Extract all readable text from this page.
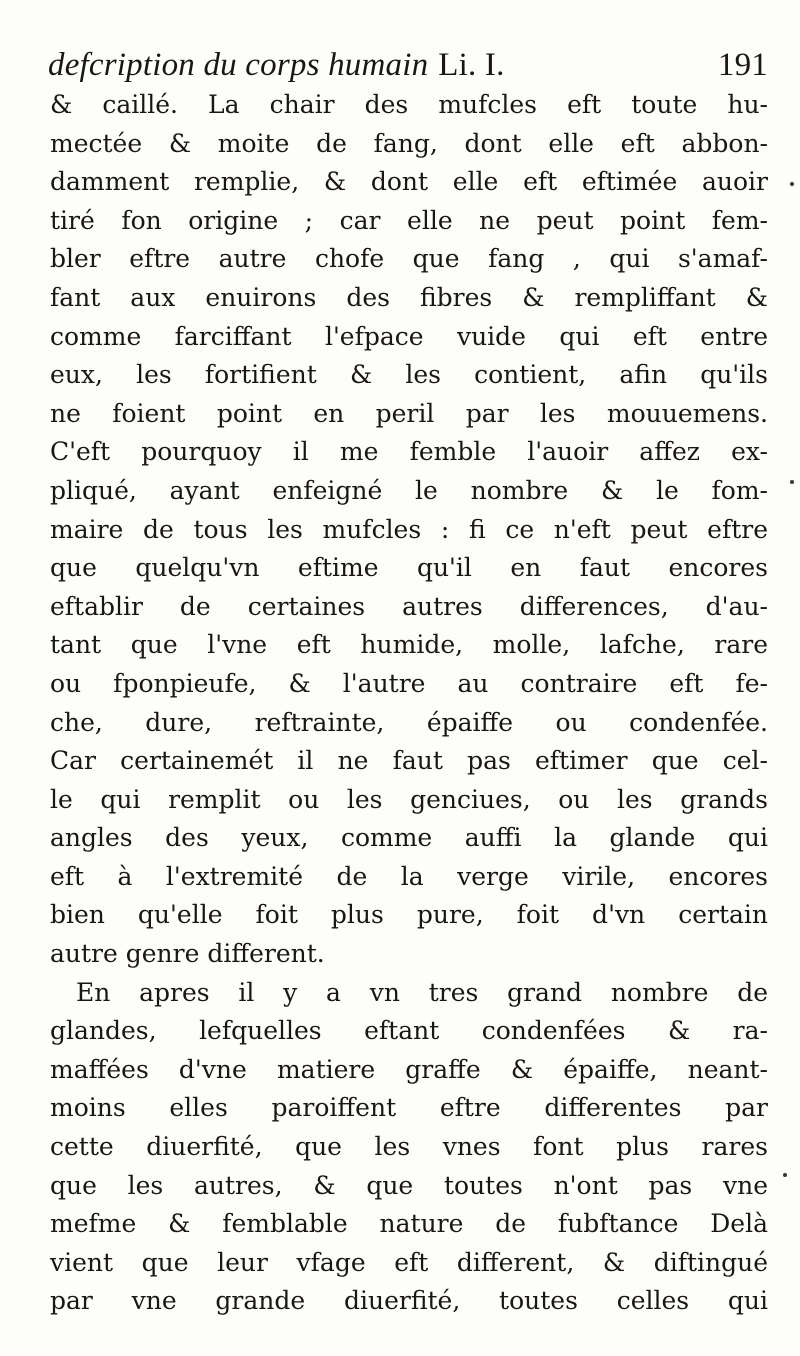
defcription du corps humain Li. I.	191
& caillé. La chair des mufcles eft toute hu-
mectée & moite de fang, dont elle eft abbon-
damment remplie, & dont elle eft eftimée auoir
tiré fon origine ; car elle ne peut point fem-
bler eftre autre chofe que fang , qui s'amaf-
fant aux enuirons des fibres & rempliffant &
comme farciffant l'efpace vuide qui eft entre
eux, les fortifient & les contient, afin qu'ils
ne foient point en peril par les mouuemens.
C'eft pourquoy il me femble l'auoir affez ex-
pliqué, ayant enfeigné le nombre & le fom-
maire de tous les mufcles : fi ce n'eft peut eftre
que quelqu'vn eftime qu'il en faut encores
eftablir de certaines autres differences, d'au-
tant que l'vne eft humide, molle, lafche, rare
ou fponpieufe, & l'autre au contraire eft fe-
che, dure, reftrainte, épaiffe ou condenfée.
Car certainemét il ne faut pas eftimer que cel-
le qui remplit ou les genciues, ou les grands
angles des yeux, comme auffi la glande qui
eft à l'extremité de la verge virile, encores
bien qu'elle foit plus pure, foit d'vn certain
autre genre different.
En apres il y a vn tres grand nombre de
glandes, lefquelles eftant condenfées & ra-
maffées d'vne matiere graffe & épaiffe, neant-
moins elles paroiffent eftre differentes par
cette diuerfité, que les vnes font plus rares
que les autres, & que toutes n'ont pas vne
mefme & femblable nature de fubftance Delà
vient que leur vfage eft different, & diftingué
par vne grande diuerfité, toutes celles qui
